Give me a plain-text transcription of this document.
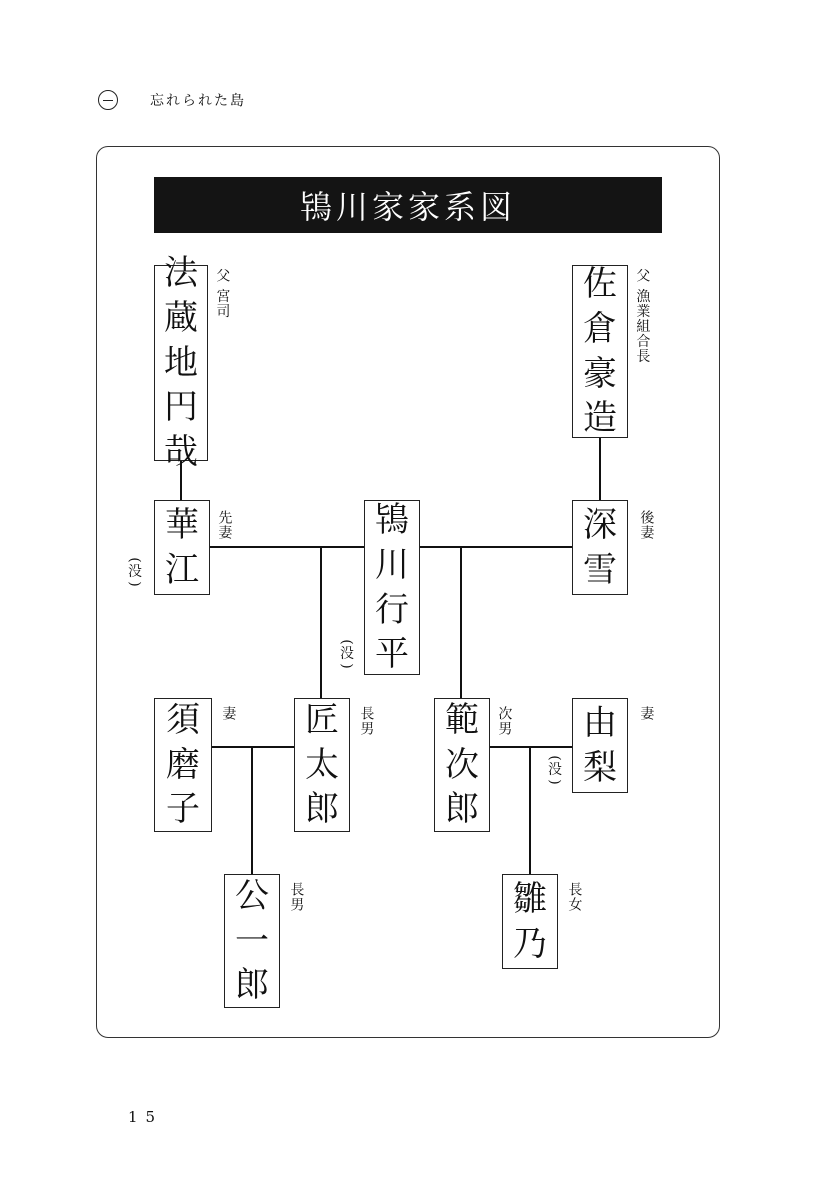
忘れられた島
鴇川家家系図
法
蔵
地
円
哉
父 宮司	佐
倉
豪
造
父 漁業組合長
華
江
先妻
(
没
)
鴇
川
行
平
(
没
)
深
雪
後妻
須
磨
子
妻 匠
太
郎
長男 範
次
郎
次男 由
梨
妻
(
没
)
公
一
郎
長男	雛
乃
長女
15
